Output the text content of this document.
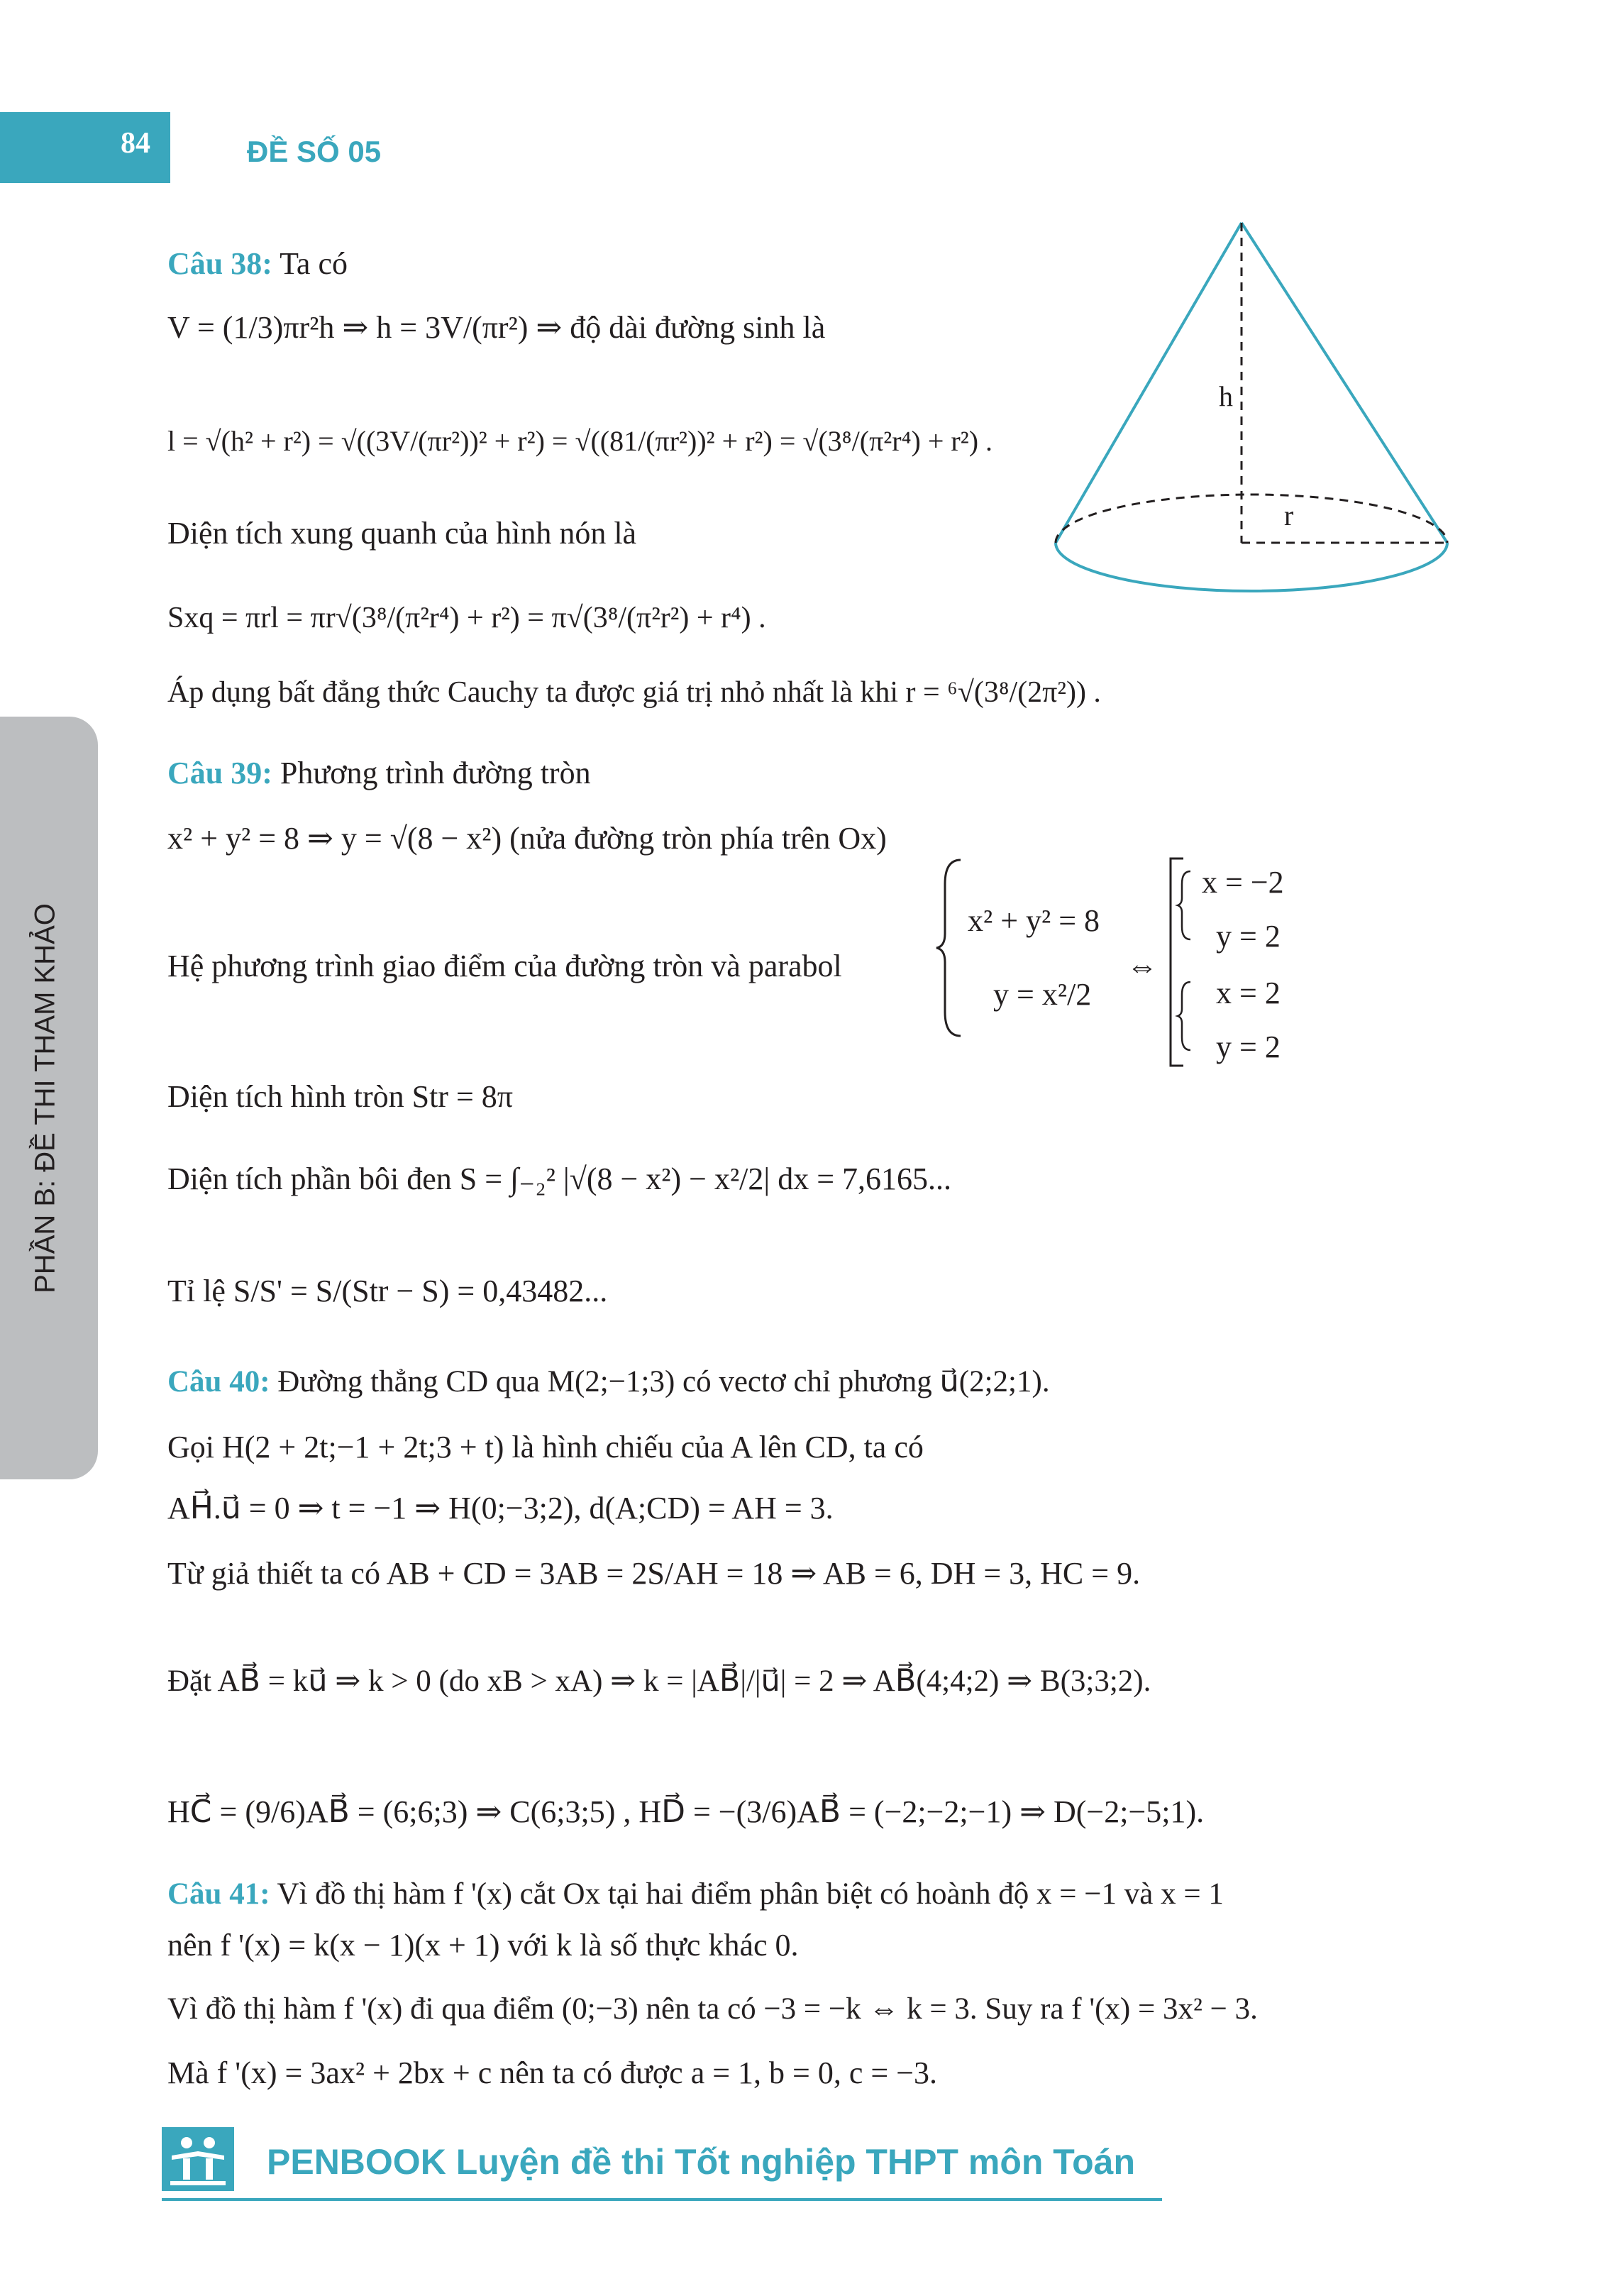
84	ĐỀ SỐ 05
PHẦN B: ĐỀ THI THAM KHẢO
h
r
Câu 38: Ta có
V = (1/3)πr²h ⇒ h = 3V/(πr²) ⇒ độ dài đường sinh là
l = √(h² + r²) = √((3V/(πr²))² + r²) = √((81/(πr²))² + r²) = √(3⁸/(π²r⁴) + r²) .
Diện tích xung quanh của hình nón là
Sxq = πrl = πr√(3⁸/(π²r⁴) + r²) = π√(3⁸/(π²r²) + r⁴) .
Áp dụng bất đẳng thức Cauchy ta được giá trị nhỏ nhất là khi r = ⁶√(3⁸/(2π²)) .
Câu 39: Phương trình đường tròn
x² + y² = 8 ⇒ y = √(8 − x²) (nửa đường tròn phía trên Ox)
x² + y² = 8
x = −2
y = 2
Hệ phương trình giao điểm của đường tròn và parabol
y = x²/2
⇔
x = 2
y = 2
Diện tích hình tròn Str = 8π
Diện tích phần bôi đen S = ∫₋₂² |√(8 − x²) − x²/2| dx = 7,6165...
Tỉ lệ S/S' = S/(Str − S) = 0,43482...
Câu 40: Đường thẳng CD qua M(2;−1;3) có vectơ chỉ phương u⃗(2;2;1).
Gọi H(2 + 2t;−1 + 2t;3 + t) là hình chiếu của A lên CD, ta có
AH⃗.u⃗ = 0 ⇒ t = −1 ⇒ H(0;−3;2), d(A;CD) = AH = 3.
Từ giả thiết ta có AB + CD = 3AB = 2S/AH = 18 ⇒ AB = 6, DH = 3, HC = 9.
Đặt AB⃗ = ku⃗ ⇒ k > 0 (do xB > xA) ⇒ k = |AB⃗|/|u⃗| = 2 ⇒ AB⃗(4;4;2) ⇒ B(3;3;2).
HC⃗ = (9/6)AB⃗ = (6;6;3) ⇒ C(6;3;5) , HD⃗ = −(3/6)AB⃗ = (−2;−2;−1) ⇒ D(−2;−5;1).
Câu 41: Vì đồ thị hàm f '(x) cắt Ox tại hai điểm phân biệt có hoành độ x = −1 và x = 1
nên f '(x) = k(x − 1)(x + 1) với k là số thực khác 0.
Vì đồ thị hàm f '(x) đi qua điểm (0;−3) nên ta có −3 = −k ⇔ k = 3. Suy ra f '(x) = 3x² − 3.
Mà f '(x) = 3ax² + 2bx + c nên ta có được a = 1, b = 0, c = −3.
PENBOOK Luyện đề thi Tốt nghiệp THPT môn Toán
